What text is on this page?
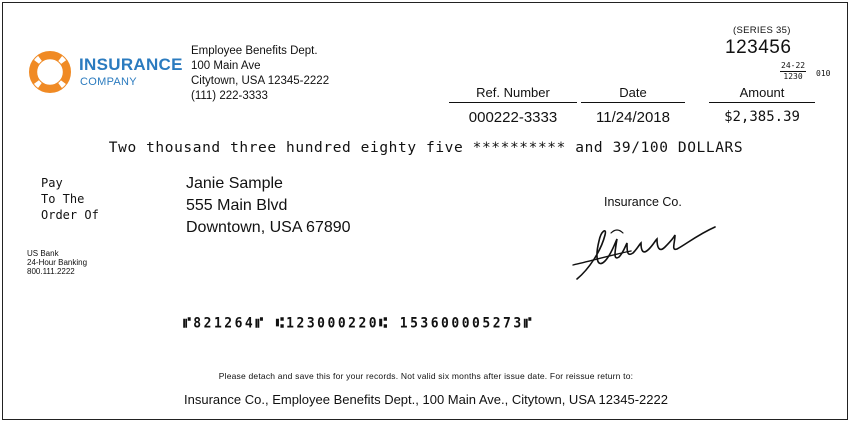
INSURANCE
COMPANY
Employee Benefits Dept.
100 Main Ave
Citytown, USA 12345-2222
(111) 222-3333
(SERIES 35)
123456
$\frac{24-22}{1230} 010$
Ref. Number
000222-3333
Date
11/24/2018
Amount
$2,385.39
Two thousand three hundred eighty five ********** and 39/100 DOLLARS
Pay
To The
Order Of
Janie Sample
555 Main Blvd
Downtown, USA 67890
US Bank
24-Hour Banking
800.111.2222
Insurance Co.
⑈821264⑈ ⑆123000220⑆ 153600005273⑈
Please detach and save this for your records. Not valid six months after issue date. For reissue return to:
Insurance Co., Employee Benefits Dept., 100 Main Ave., Citytown, USA 12345-2222
